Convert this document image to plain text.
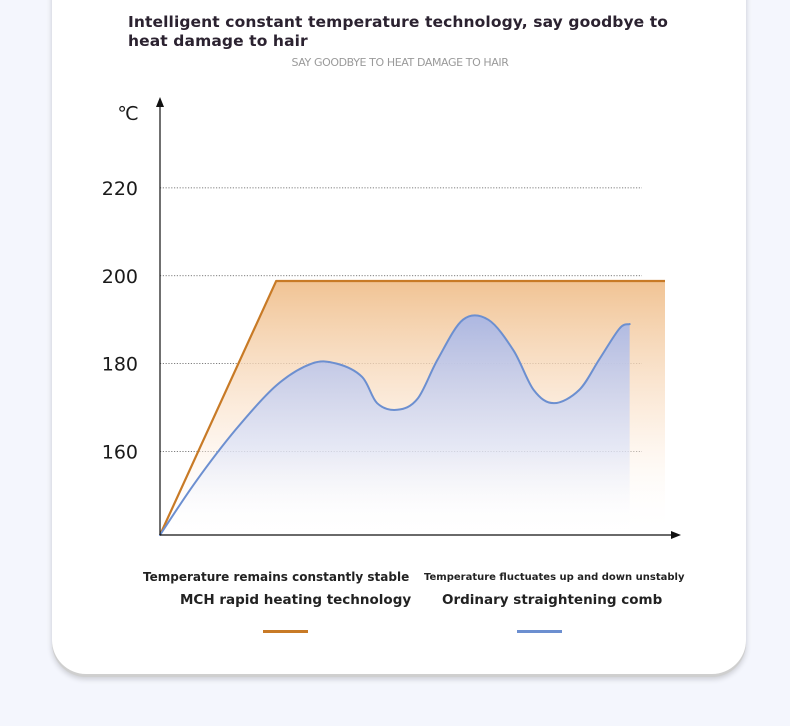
Intelligent constant temperature technology, say goodbye to heat damage to hair
SAY GOODBYE TO HEAT DAMAGE TO HAIR
160
180
200
220
℃
Temperature remains constantly stable
MCH rapid heating technology
Temperature fluctuates up and down unstably
Ordinary straightening comb
